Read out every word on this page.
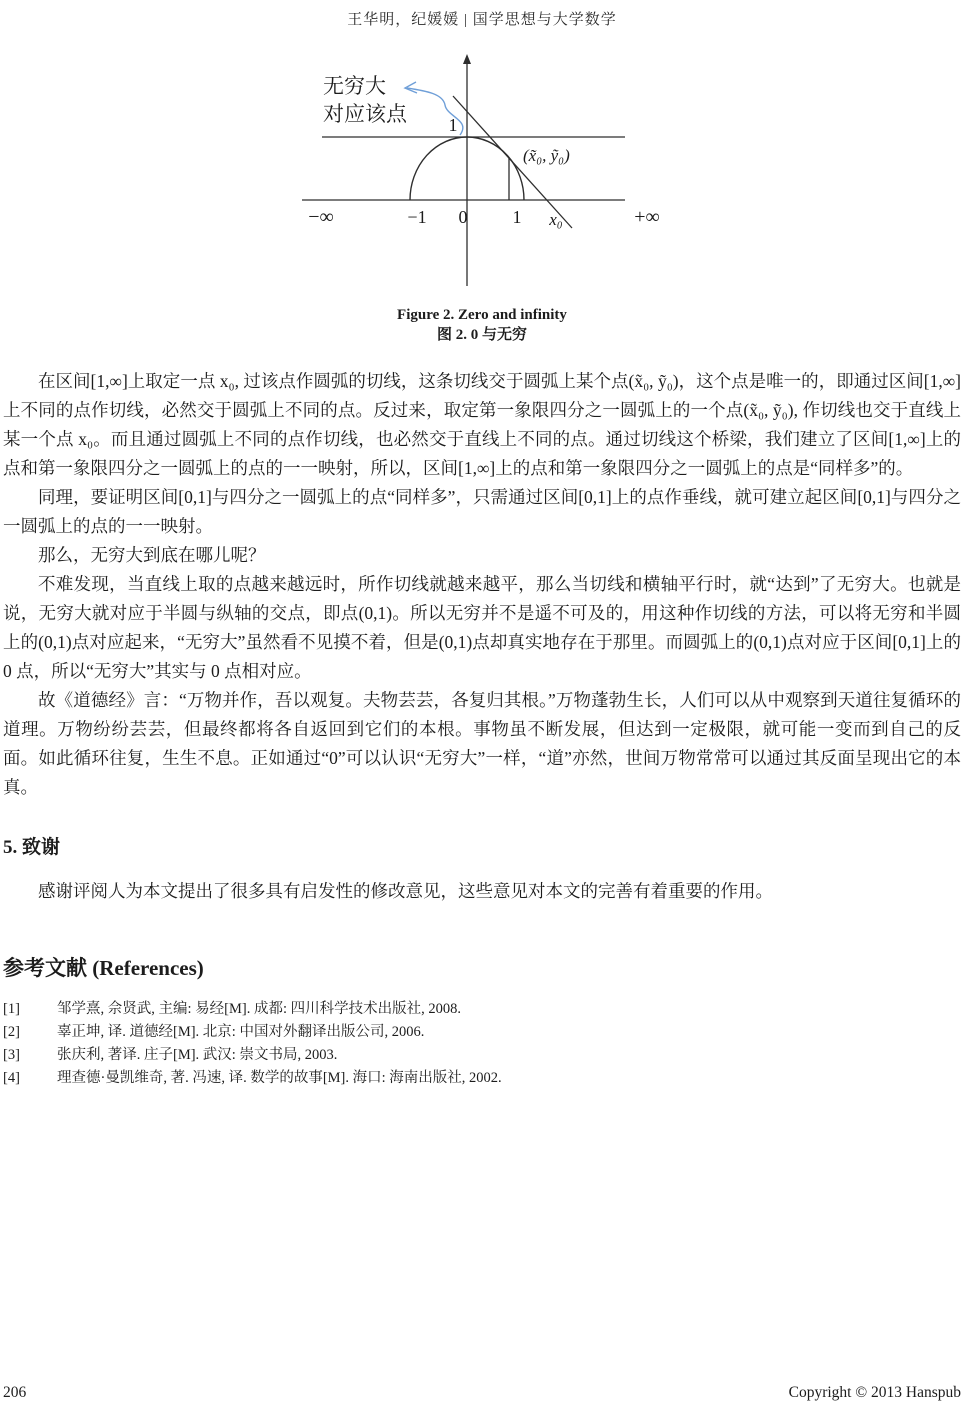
王华明，纪媛媛 | 国学思想与大学数学
无穷大
对应该点 1
(x̃₀, ỹ₀)
−∞	−1 0	1 x₀	+∞
Figure 2. Zero and infinity
图 2. 0 与无穷

在区间[1,∞]上取定一点 x₀, 过该点作圆弧的切线，这条切线交于圆弧上某个点(x̃₀, ỹ₀)，这个点是唯一的，即通过区间[1,∞]上不同的点作切线，必然交于圆弧上不同的点。反过来，取定第一象限四分之一圆弧上的一个点(x̃₀, ỹ₀), 作切线也交于直线上某一个点 x₀。而且通过圆弧上不同的点作切线，也必然交于直线上不同的点。通过切线这个桥梁，我们建立了区间[1,∞]上的点和第一象限四分之一圆弧上的点的一一映射，所以，区间[1,∞]上的点和第一象限四分之一圆弧上的点是“同样多”的。

同理，要证明区间[0,1]与四分之一圆弧上的点“同样多”，只需通过区间[0,1]上的点作垂线，就可建立起区间[0,1]与四分之一圆弧上的点的一一映射。

那么，无穷大到底在哪儿呢？

不难发现，当直线上取的点越来越远时，所作切线就越来越平，那么当切线和横轴平行时，就“达到”了无穷大。也就是说，无穷大就对应于半圆与纵轴的交点，即点(0,1)。所以无穷并不是遥不可及的，用这种作切线的方法，可以将无穷和半圆上的(0,1)点对应起来，“无穷大”虽然看不见摸不着，但是(0,1)点却真实地存在于那里。而圆弧上的(0,1)点对应于区间[0,1]上的 0 点，所以“无穷大”其实与 0 点相对应。

故《道德经》言：“万物并作，吾以观复。夫物芸芸，各复归其根。”万物蓬勃生长，人们可以从中观察到天道往复循环的道理。万物纷纷芸芸，但最终都将各自返回到它们的本根。事物虽不断发展，但达到一定极限，就可能一变而到自己的反面。如此循环往复，生生不息。正如通过“0”可以认识“无穷大”一样，“道”亦然，世间万物常常可以通过其反面呈现出它的本真。

5. 致谢
感谢评阅人为本文提出了很多具有启发性的修改意见，这些意见对本文的完善有着重要的作用。
参考文献 (References)
[1]	邹学熹, 佘贤武, 主编: 易经[M]. 成都: 四川科学技术出版社, 2008.
[2]	辜正坤, 译. 道德经[M]. 北京: 中国对外翻译出版公司, 2006.
[3]	张庆利, 著译. 庄子[M]. 武汉: 崇文书局, 2003.
[4]	理查德·曼凯维奇, 著. 冯速, 译. 数学的故事[M]. 海口: 海南出版社, 2002.
206	Copyright © 2013 Hanspub
